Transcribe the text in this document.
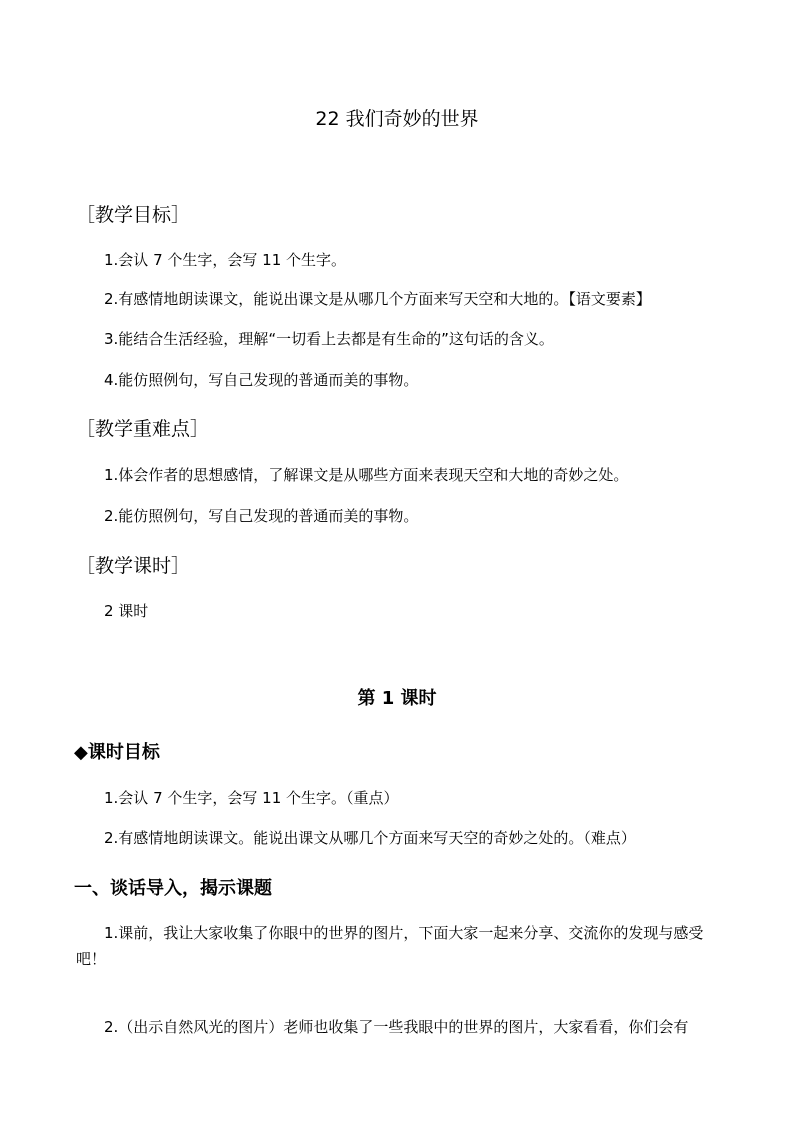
22 我们奇妙的世界
［教学目标］
1.会认 7 个生字，会写 11 个生字。
2.有感情地朗读课文，能说出课文是从哪几个方面来写天空和大地的。【语文要素】
3.能结合生活经验，理解“一切看上去都是有生命的”这句话的含义。
4.能仿照例句，写自己发现的普通而美的事物。
［教学重难点］
1.体会作者的思想感情，了解课文是从哪些方面来表现天空和大地的奇妙之处。
2.能仿照例句，写自己发现的普通而美的事物。
［教学课时］
2 课时
第 1 课时
◆课时目标
1.会认 7 个生字，会写 11 个生字。（重点）
2.有感情地朗读课文。能说出课文从哪几个方面来写天空的奇妙之处的。（难点）
一、谈话导入，揭示课题
1.课前，我让大家收集了你眼中的世界的图片，下面大家一起来分享、交流你的发现与感受吧！
2.（出示自然风光的图片）老师也收集了一些我眼中的世界的图片，大家看看，你们会有
